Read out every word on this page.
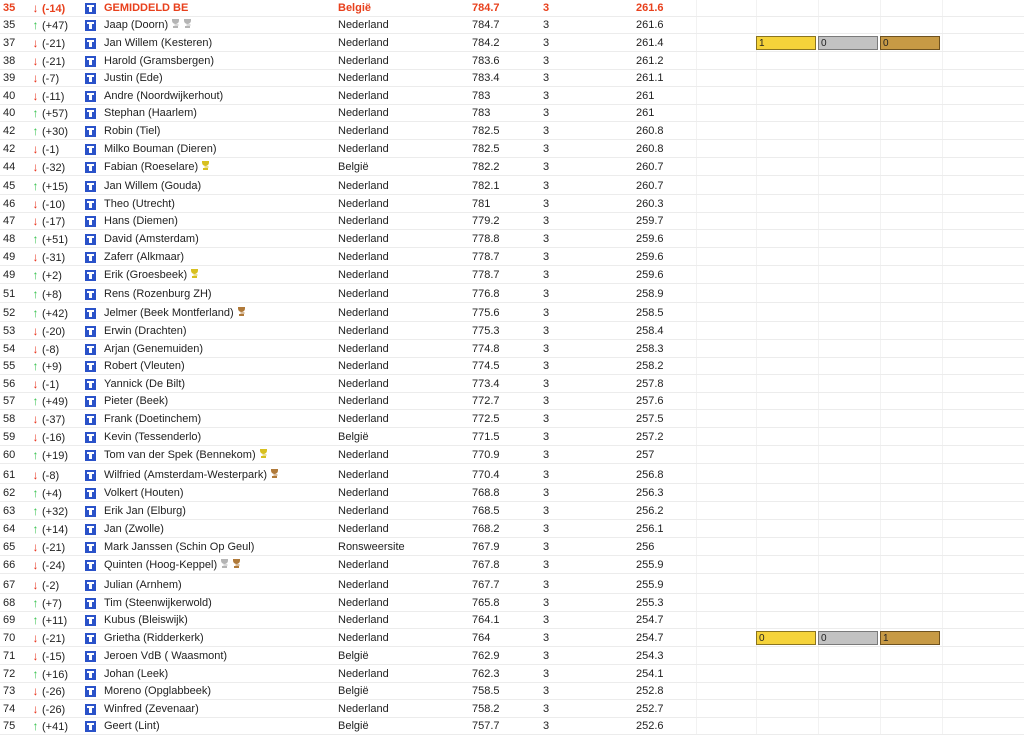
35 ↓ (-14)	GEMIDDELD BE	België	784.7	3	261.6
35 ↑ (+47)	Jaap (Doorn)	Nederland	784.7	3	261.6
37 ↓ (-21)	Jan Willem (Kesteren)	Nederland	784.2	3	261.4	1	0	0
38 ↓ (-21)	Harold (Gramsbergen)	Nederland	783.6	3	261.2
39 ↓ (-7)	Justin (Ede)	Nederland	783.4	3	261.1
40 ↓ (-11)	Andre (Noordwijkerhout)	Nederland	783	3	261
40 ↑ (+57)	Stephan (Haarlem)	Nederland	783	3	261
42 ↑ (+30)	Robin (Tiel)	Nederland	782.5	3	260.8
42 ↓ (-1)	Milko Bouman (Dieren)	Nederland	782.5	3	260.8
44 ↓ (-32)	Fabian (Roeselare)	België	782.2	3	260.7
45 ↑ (+15)	Jan Willem (Gouda)	Nederland	782.1	3	260.7
46 ↓ (-10)	Theo (Utrecht)	Nederland	781	3	260.3
47 ↓ (-17)	Hans (Diemen)	Nederland	779.2	3	259.7
48 ↑ (+51)	David (Amsterdam)	Nederland	778.8	3	259.6
49 ↓ (-31)	Zaferr (Alkmaar)	Nederland	778.7	3	259.6
49 ↑ (+2)	Erik (Groesbeek)	Nederland	778.7	3	259.6
51 ↑ (+8)	Rens (Rozenburg ZH)	Nederland	776.8	3	258.9
52 ↑ (+42)	Jelmer (Beek Montferland)	Nederland	775.6	3	258.5
53 ↓ (-20)	Erwin (Drachten)	Nederland	775.3	3	258.4
54 ↓ (-8)	Arjan (Genemuiden)	Nederland	774.8	3	258.3
55 ↑ (+9)	Robert (Vleuten)	Nederland	774.5	3	258.2
56 ↓ (-1)	Yannick (De Bilt)	Nederland	773.4	3	257.8
57 ↑ (+49)	Pieter (Beek)	Nederland	772.7	3	257.6
58 ↓ (-37)	Frank (Doetinchem)	Nederland	772.5	3	257.5
59 ↓ (-16)	Kevin (Tessenderlo)	België	771.5	3	257.2
60 ↑ (+19)	Tom van der Spek (Bennekom)	Nederland	770.9	3	257
61 ↓ (-8)	Wilfried (Amsterdam-Westerpark)	Nederland	770.4	3	256.8
62 ↑ (+4)	Volkert (Houten)	Nederland	768.8	3	256.3
63 ↑ (+32)	Erik Jan (Elburg)	Nederland	768.5	3	256.2
64 ↑ (+14)	Jan (Zwolle)	Nederland	768.2	3	256.1
65 ↓ (-21)	Mark Janssen (Schin Op Geul)	Ronsweersite	767.9	3	256
66 ↓ (-24)	Quinten (Hoog-Keppel)	Nederland	767.8	3	255.9
67 ↓ (-2)	Julian (Arnhem)	Nederland	767.7	3	255.9
68 ↑ (+7)	Tim (Steenwijkerwold)	Nederland	765.8	3	255.3
69 ↑ (+11)	Kubus (Bleiswijk)	Nederland	764.1	3	254.7
70 ↓ (-21)	Grietha (Ridderkerk)	Nederland	764	3	254.7	0	0	1
71 ↓ (-15)	Jeroen VdB ( Waasmont)	België	762.9	3	254.3
72 ↑ (+16)	Johan (Leek)	Nederland	762.3	3	254.1
73 ↓ (-26)	Moreno (Opglabbeek)	België	758.5	3	252.8
74 ↓ (-26)	Winfred (Zevenaar)	Nederland	758.2	3	252.7
75 ↑ (+41)	Geert (Lint)	België	757.7	3	252.6
